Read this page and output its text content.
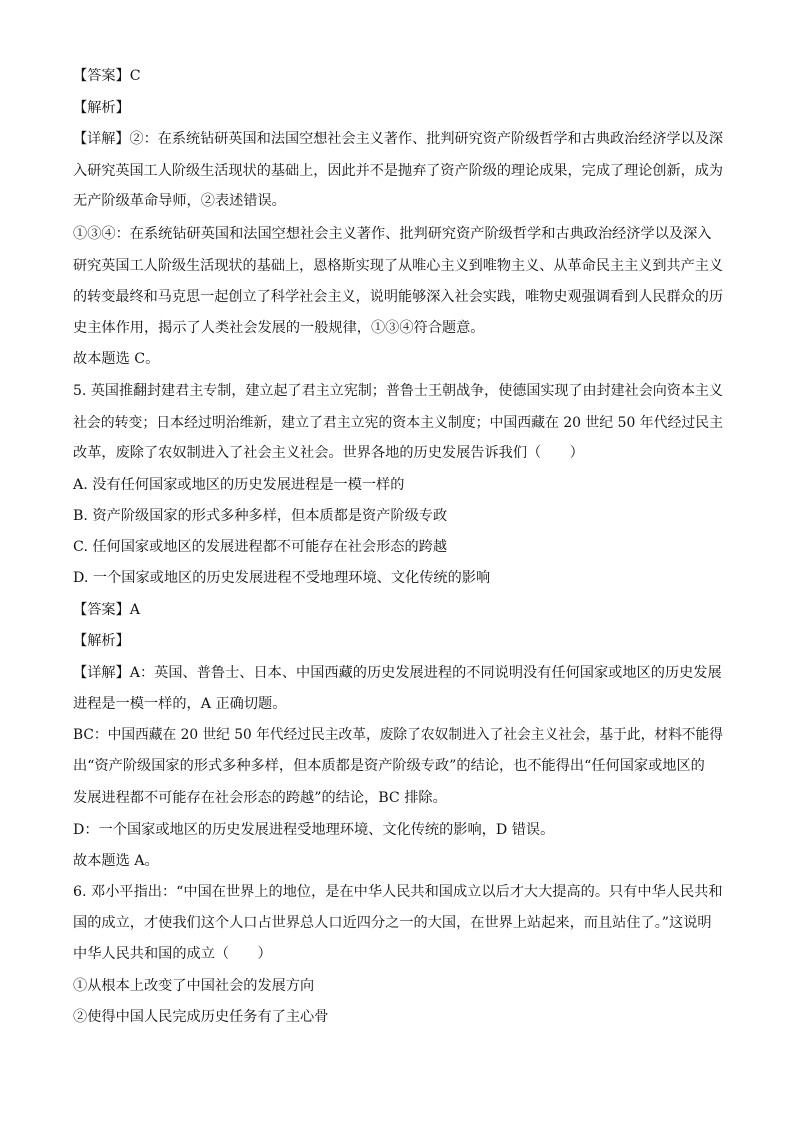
【答案】C
【解析】
【详解】②：在系统钻研英国和法国空想社会主义著作、批判研究资产阶级哲学和古典政治经济学以及深
入研究英国工人阶级生活现状的基础上，因此并不是抛弃了资产阶级的理论成果，完成了理论创新，成为
无产阶级革命导师，②表述错误。
①③④：在系统钻研英国和法国空想社会主义著作、批判研究资产阶级哲学和古典政治经济学以及深入
研究英国工人阶级生活现状的基础上，恩格斯实现了从唯心主义到唯物主义、从革命民主主义到共产主义
的转变最终和马克思一起创立了科学社会主义，说明能够深入社会实践，唯物史观强调看到人民群众的历
史主体作用，揭示了人类社会发展的一般规律，①③④符合题意。
故本题选 C。
5. 英国推翻封建君主专制，建立起了君主立宪制；普鲁士王朝战争，使德国实现了由封建社会向资本主义
社会的转变；日本经过明治维新，建立了君主立宪的资本主义制度；中国西藏在 20 世纪 50 年代经过民主
改革，废除了农奴制进入了社会主义社会。世界各地的历史发展告诉我们（　　）
A. 没有任何国家或地区的历史发展进程是一模一样的
B. 资产阶级国家的形式多种多样，但本质都是资产阶级专政
C. 任何国家或地区的发展进程都不可能存在社会形态的跨越
D. 一个国家或地区的历史发展进程不受地理环境、文化传统的影响
【答案】A
【解析】
【详解】A：英国、普鲁士、日本、中国西藏的历史发展进程的不同说明没有任何国家或地区的历史发展
进程是一模一样的，A 正确切题。
BC：中国西藏在 20 世纪 50 年代经过民主改革，废除了农奴制进入了社会主义社会，基于此，材料不能得
出“资产阶级国家的形式多种多样，但本质都是资产阶级专政”的结论，也不能得出“任何国家或地区的
发展进程都不可能存在社会形态的跨越”的结论，BC 排除。
D：一个国家或地区的历史发展进程受地理环境、文化传统的影响，D 错误。
故本题选 A。
6. 邓小平指出：“中国在世界上的地位，是在中华人民共和国成立以后才大大提高的。只有中华人民共和
国的成立，才使我们这个人口占世界总人口近四分之一的大国，在世界上站起来，而且站住了。”这说明
中华人民共和国的成立（　　）
①从根本上改变了中国社会的发展方向
②使得中国人民完成历史任务有了主心骨
